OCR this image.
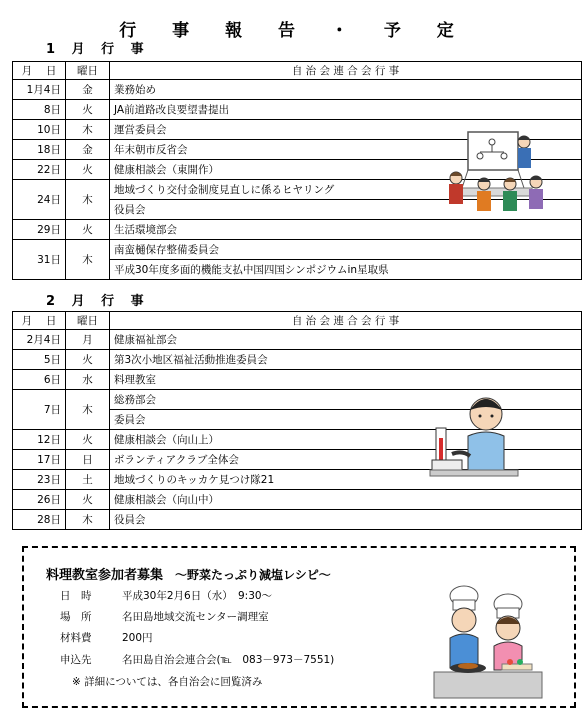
行 事 報 告 ・ 予 定
1 月 行 事
月　 日	曜日	自 治 会 連 合 会 行 事
1月4日	金	業務始め
8日	火	JA前道路改良要望書提出
10日	木	運営委員会
18日	金	年末朝市反省会
22日	火	健康相談会（東開作）
24日	木	地域づくり交付金制度見直しに係るヒヤリング
		役員会
29日	火	生活環境部会
31日	木	南蛮樋保存整備委員会
		平成30年度多面的機能支払中国四国シンポジウムin星取県
2 月 行 事
月　 日	曜日	自 治 会 連 合 会 行 事
2月4日	月	健康福祉部会
5日	火	第3次小地区福祉活動推進委員会
6日	水	料理教室
7日	木	総務部会
		委員会
12日	火	健康相談会（向山上）
17日	日	ボランティアクラブ全体会
23日	土	地域づくりのキッカケ見つけ隊21
26日	火	健康相談会（向山中）
28日	木	役員会
料理教室参加者募集 ～野菜たっぷり減塩レシピ～
日　時	平成30年2月6日（水）　9:30～
場　所	名田島地域交流センター調理室
材料費	200円
申込先	名田島自治会連合会(℡　083－973－7551)
※ 詳細については、各自治会に回覧済み
